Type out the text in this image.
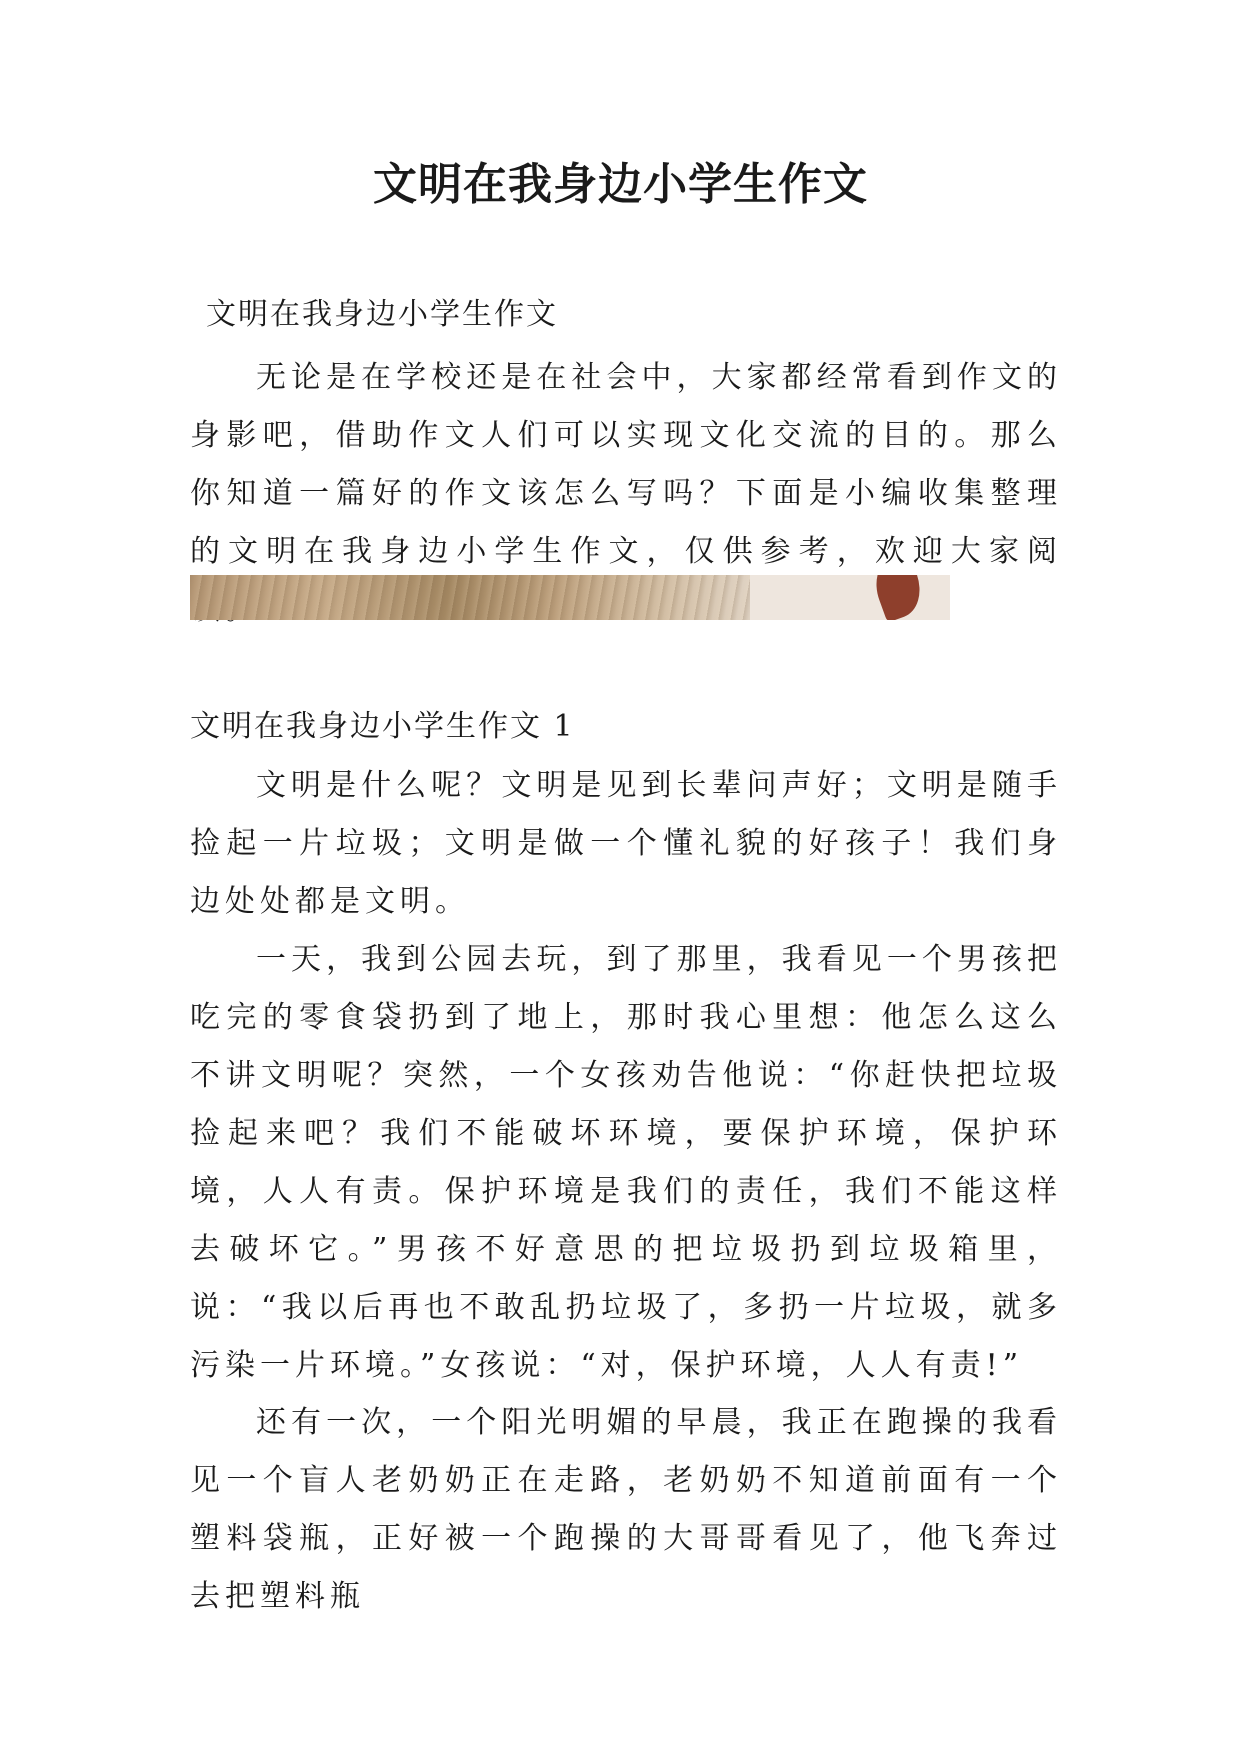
文明在我身边小学生作文

文明在我身边小学生作文

无论是在学校还是在社会中，大家都经常看到作文的身影吧，借助作文人们可以实现文化交流的目的。那么你知道一篇好的作文该怎么写吗？下面是小编收集整理的文明在我身边小学生作文，仅供参考，欢迎大家阅

文明在我身边小学生作文 1

文明是什么呢？文明是见到长辈问声好；文明是随手捡起一片垃圾；文明是做一个懂礼貌的好孩子！我们身边处处都是文明。

一天，我到公园去玩，到了那里，我看见一个男孩把吃完的零食袋扔到了地上，那时我心里想：他怎么这么不讲文明呢？突然，一个女孩劝告他说：“你赶快把垃圾捡起来吧？我们不能破坏环境，要保护环境，保护环境，人人有责。保护环境是我们的责任，我们不能这样去破坏它。”男孩不好意思的把垃圾扔到垃圾箱里，说：“我以后再也不敢乱扔垃圾了，多扔一片垃圾，就多污染一片环境。”女孩说：“对，保护环境，人人有责!”

还有一次，一个阳光明媚的早晨，我正在跑操的我看见一个盲人老奶奶正在走路，老奶奶不知道前面有一个塑料袋瓶，正好被一个跑操的大哥哥看见了，他飞奔过去把塑料瓶
